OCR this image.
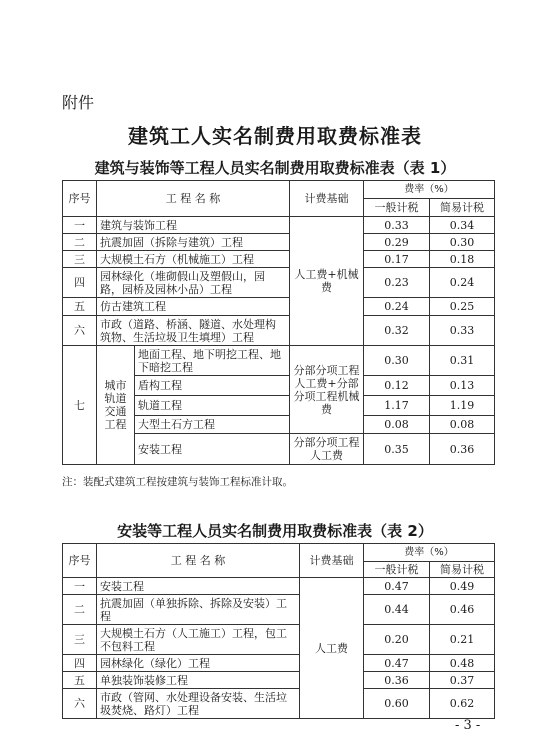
附件
建筑工人实名制费用取费标准表
建筑与装饰等工程人员实名制费用取费标准表（表 1）
序号	工 程 名 称		计费基础	费率（%）	
				一般计税	简易计税
一	建筑与装饰工程		人工费+机械费	0.33	0.34
二	抗震加固（拆除与建筑）工程			0.29	0.30
三	大规模土石方（机械施工）工程			0.17	0.18
四	园林绿化（堆砌假山及塑假山，园路，园桥及园林小品）工程			0.23	0.24
五	仿古建筑工程			0.24	0.25
六	市政（道路、桥涵、隧道、水处理构筑物、生活垃圾卫生填埋）工程			0.32	0.33
七	城市轨道交通工程	地面工程、地下明挖工程、地下暗挖工程	分部分项工程人工费+分部分项工程机械费	0.30	0.31
		盾构工程		0.12	0.13
		轨道工程		1.17	1.19
		大型土石方工程		0.08	0.08
		安装工程	分部分项工程人工费	0.35	0.36
注：装配式建筑工程按建筑与装饰工程标准计取。
安装等工程人员实名制费用取费标准表（表 2）
序号	工 程 名 称	计费基础	费率（%）	
			一般计税	简易计税
一	安装工程	人工费	0.47	0.49
二	抗震加固（单独拆除、拆除及安装）工程		0.44	0.46
三	大规模土石方（人工施工）工程，包工不包料工程		0.20	0.21
四	园林绿化（绿化）工程		0.47	0.48
五	单独装饰装修工程		0.36	0.37
六	市政（管网、水处理设备安装、生活垃圾焚烧、路灯）工程		0.60	0.62
- 3 -
